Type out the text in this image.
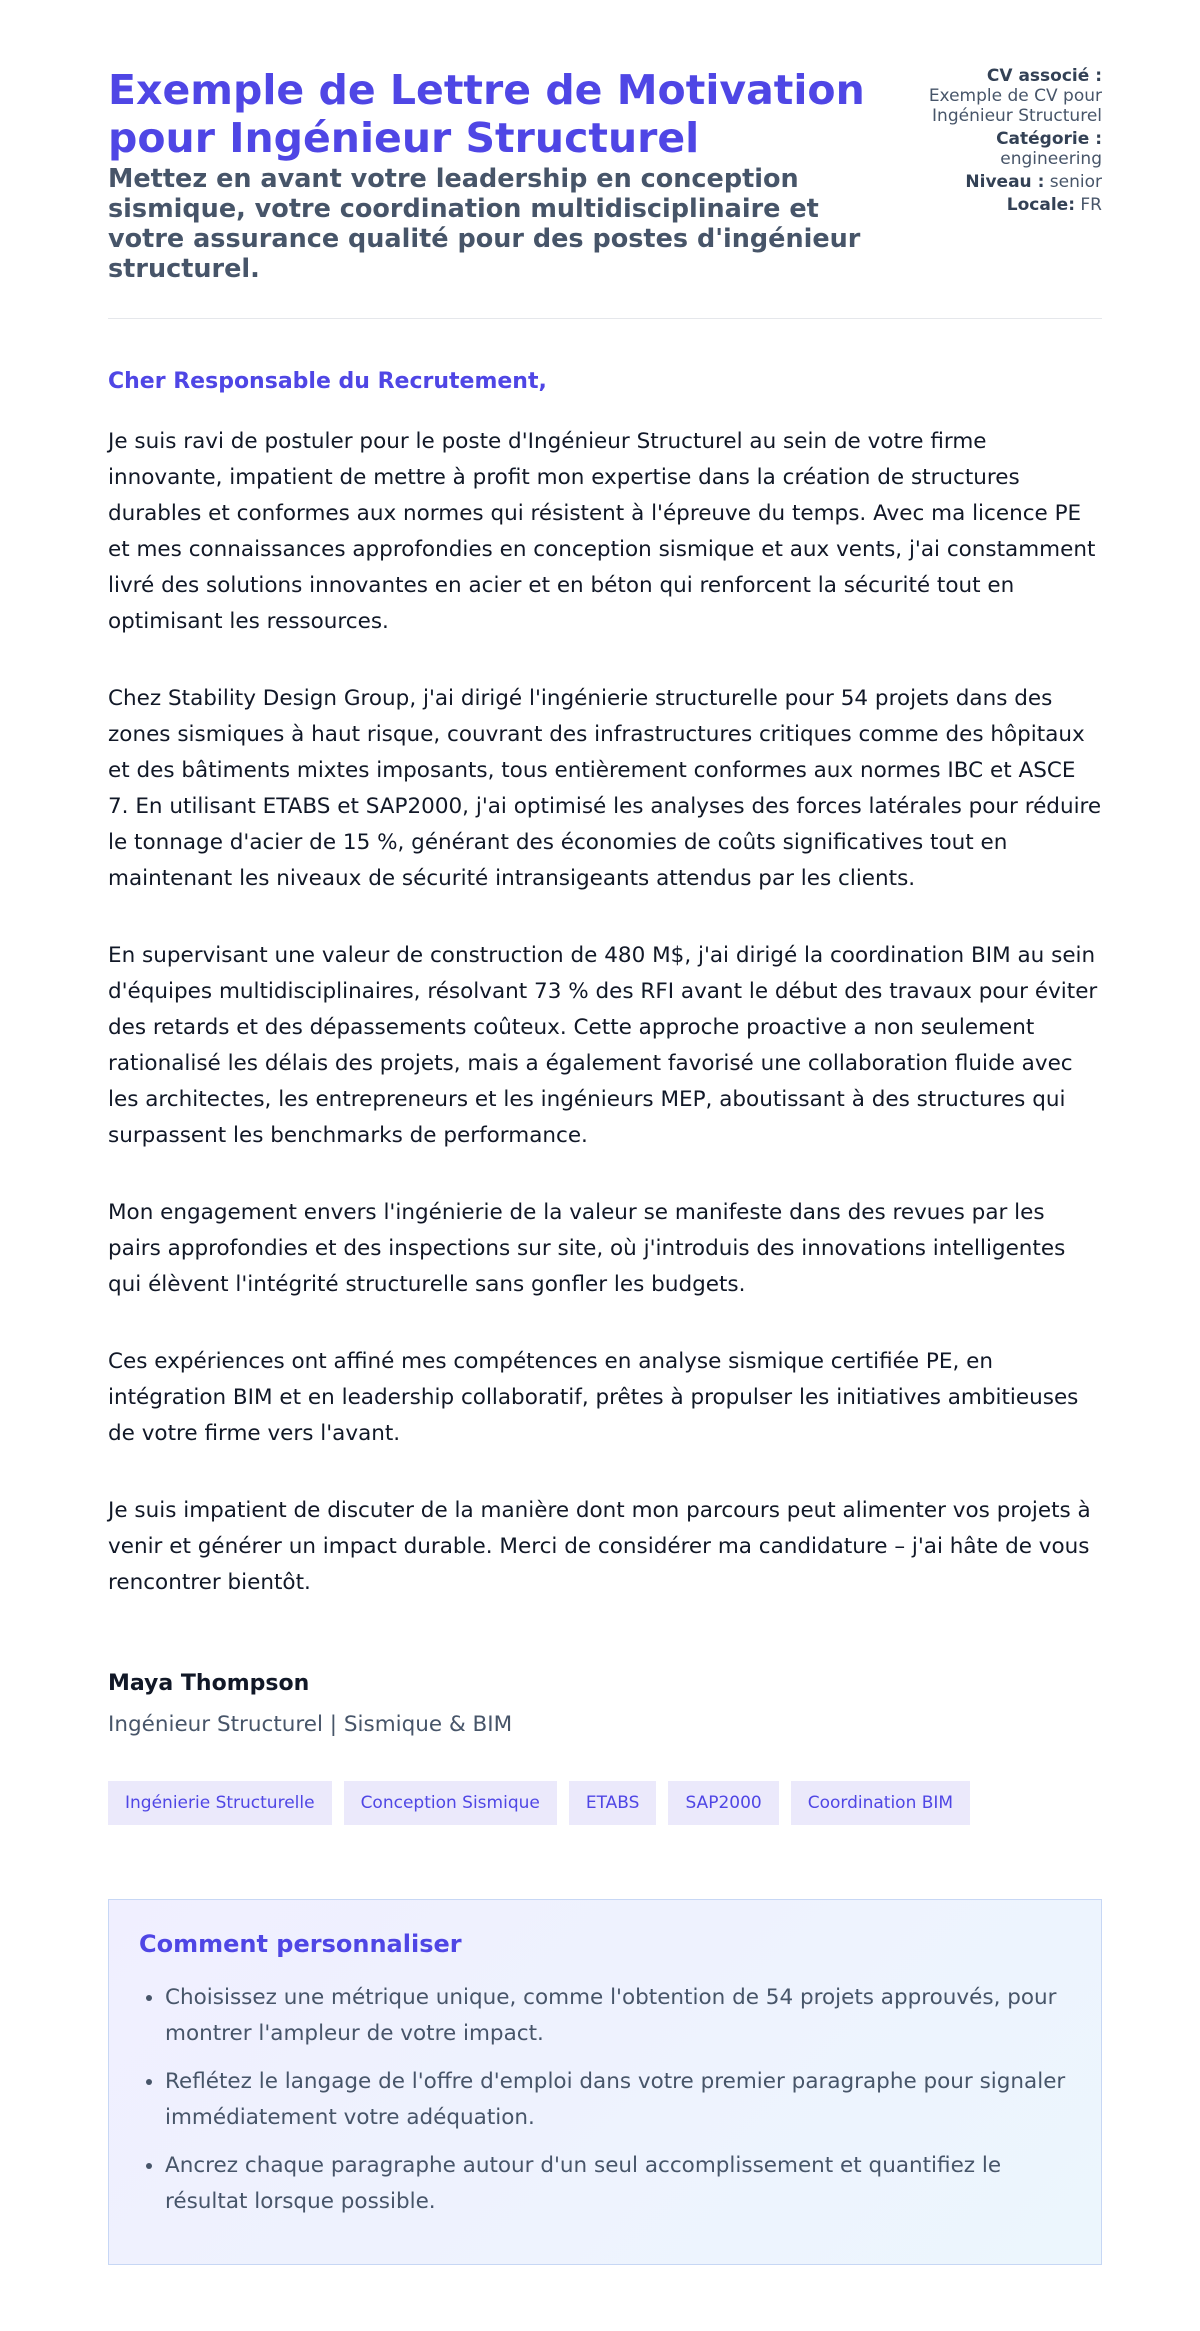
Exemple de Lettre de Motivation pour Ingénieur Structurel
Mettez en avant votre leadership en conception sismique, votre coordination multidisciplinaire et votre assurance qualité pour des postes d'ingénieur structurel.
CV associé :
Exemple de CV pour Ingénieur Structurel
Catégorie :
engineering
Niveau : senior
Locale: FR
Cher Responsable du Recrutement,

Je suis ravi de postuler pour le poste d'Ingénieur Structurel au sein de votre firme innovante, impatient de mettre à profit mon expertise dans la création de structures durables et conformes aux normes qui résistent à l'épreuve du temps. Avec ma licence PE et mes connaissances approfondies en conception sismique et aux vents, j'ai constamment livré des solutions innovantes en acier et en béton qui renforcent la sécurité tout en optimisant les ressources.

Chez Stability Design Group, j'ai dirigé l'ingénierie structurelle pour 54 projets dans des zones sismiques à haut risque, couvrant des infrastructures critiques comme des hôpitaux et des bâtiments mixtes imposants, tous entièrement conformes aux normes IBC et ASCE 7. En utilisant ETABS et SAP2000, j'ai optimisé les analyses des forces latérales pour réduire le tonnage d'acier de 15 %, générant des économies de coûts significatives tout en maintenant les niveaux de sécurité intransigeants attendus par les clients.

En supervisant une valeur de construction de 480 M$, j'ai dirigé la coordination BIM au sein d'équipes multidisciplinaires, résolvant 73 % des RFI avant le début des travaux pour éviter des retards et des dépassements coûteux. Cette approche proactive a non seulement rationalisé les délais des projets, mais a également favorisé une collaboration fluide avec les architectes, les entrepreneurs et les ingénieurs MEP, aboutissant à des structures qui surpassent les benchmarks de performance.

Mon engagement envers l'ingénierie de la valeur se manifeste dans des revues par les pairs approfondies et des inspections sur site, où j'introduis des innovations intelligentes qui élèvent l'intégrité structurelle sans gonfler les budgets.

Ces expériences ont affiné mes compétences en analyse sismique certifiée PE, en intégration BIM et en leadership collaboratif, prêtes à propulser les initiatives ambitieuses de votre firme vers l'avant.

Je suis impatient de discuter de la manière dont mon parcours peut alimenter vos projets à venir et générer un impact durable. Merci de considérer ma candidature – j'ai hâte de vous rencontrer bientôt.

Maya Thompson
Ingénieur Structurel | Sismique & BIM
Ingénierie Structurelle	Conception Sismique	ETABS	SAP2000	Coordination BIM
Comment personnaliser
• Choisissez une métrique unique, comme l'obtention de 54 projets approuvés, pour montrer l'ampleur de votre impact.
• Reflétez le langage de l'offre d'emploi dans votre premier paragraphe pour signaler immédiatement votre adéquation.
• Ancrez chaque paragraphe autour d'un seul accomplissement et quantifiez le résultat lorsque possible.
